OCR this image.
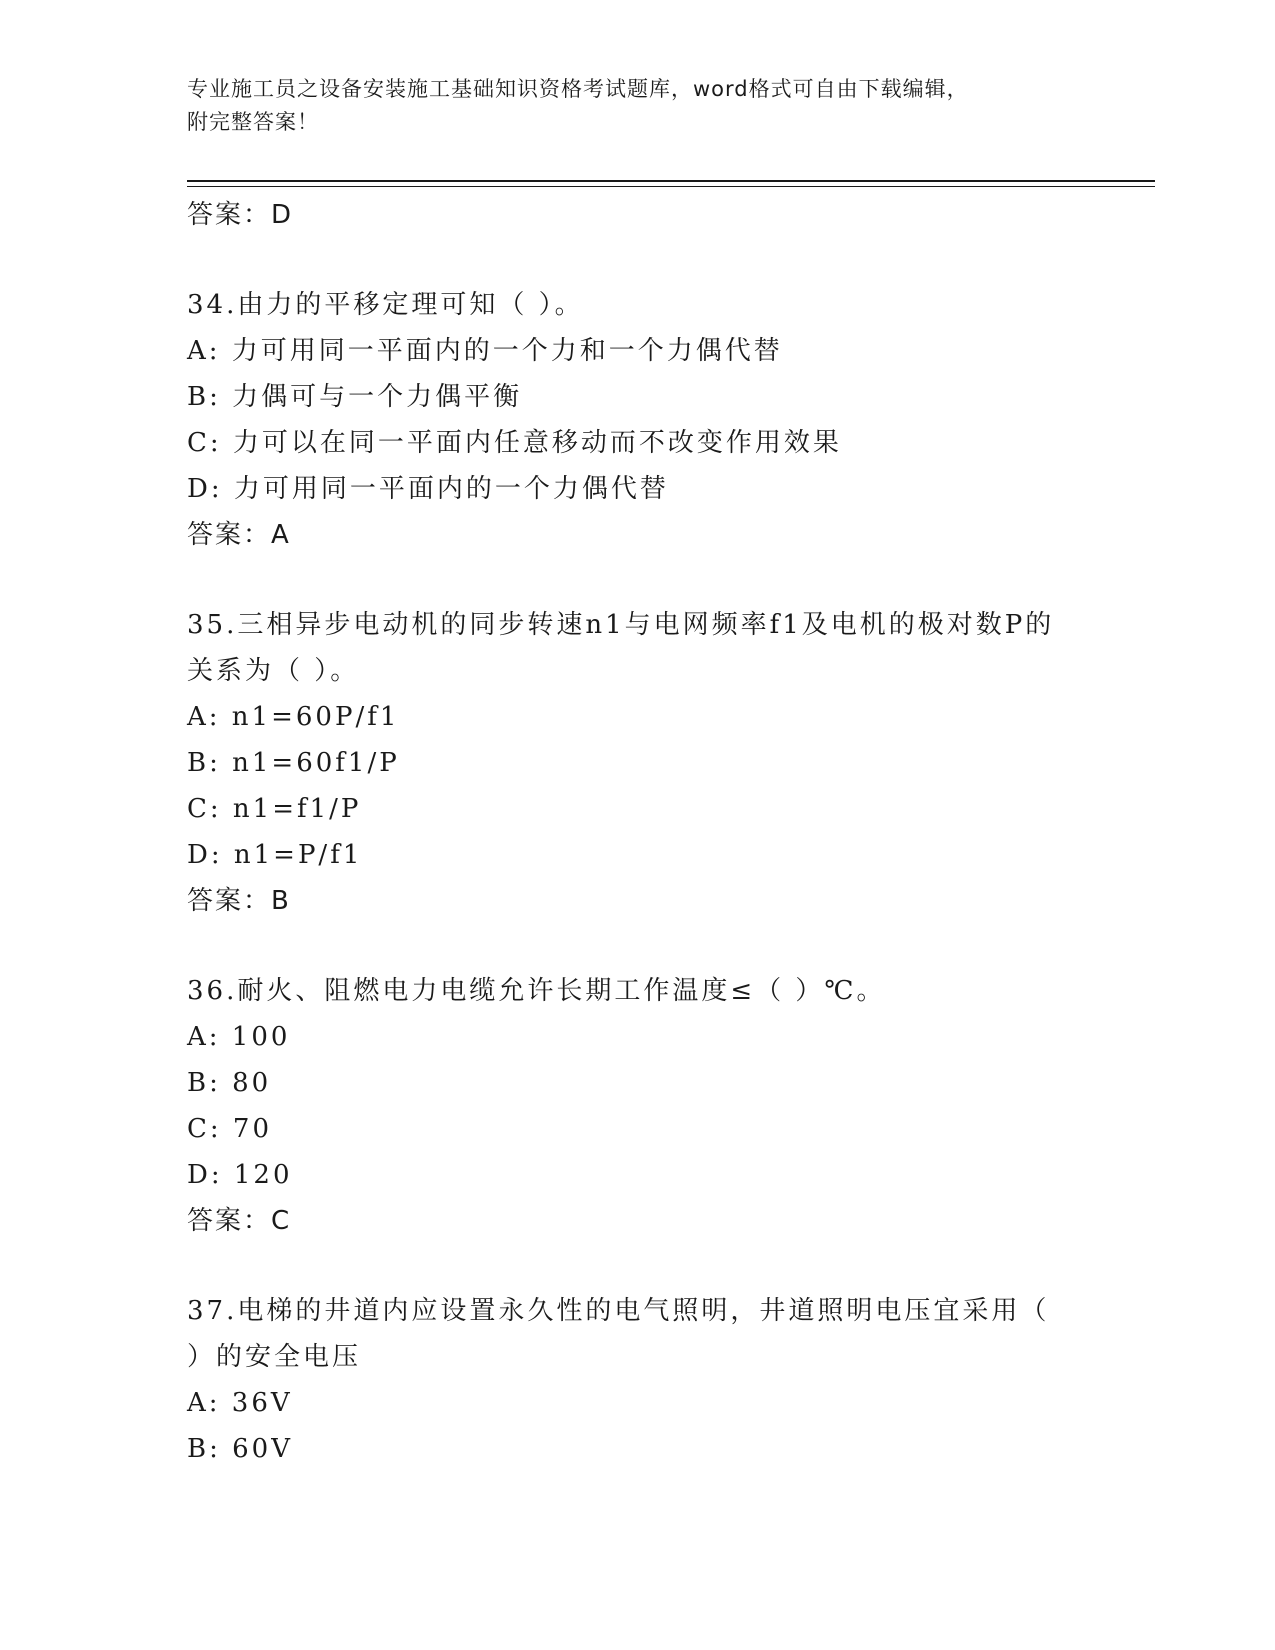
专业施工员之设备安装施工基础知识资格考试题库，word格式可自由下载编辑，
附完整答案！
答案：D
34.由力的平移定理可知（ ）。
A: 力可用同一平面内的一个力和一个力偶代替
B: 力偶可与一个力偶平衡
C: 力可以在同一平面内任意移动而不改变作用效果
D: 力可用同一平面内的一个力偶代替
答案：A
35.三相异步电动机的同步转速n1与电网频率f1及电机的极对数P的
关系为（ ）。
A: n1=60P/f1
B: n1=60f1/P
C: n1=f1/P
D: n1=P/f1
答案：B
36.耐火、阻燃电力电缆允许长期工作温度≤（ ）℃。
A: 100
B: 80
C: 70
D: 120
答案：C
37.电梯的井道内应设置永久性的电气照明，井道照明电压宜采用（
）的安全电压
A: 36V
B: 60V
